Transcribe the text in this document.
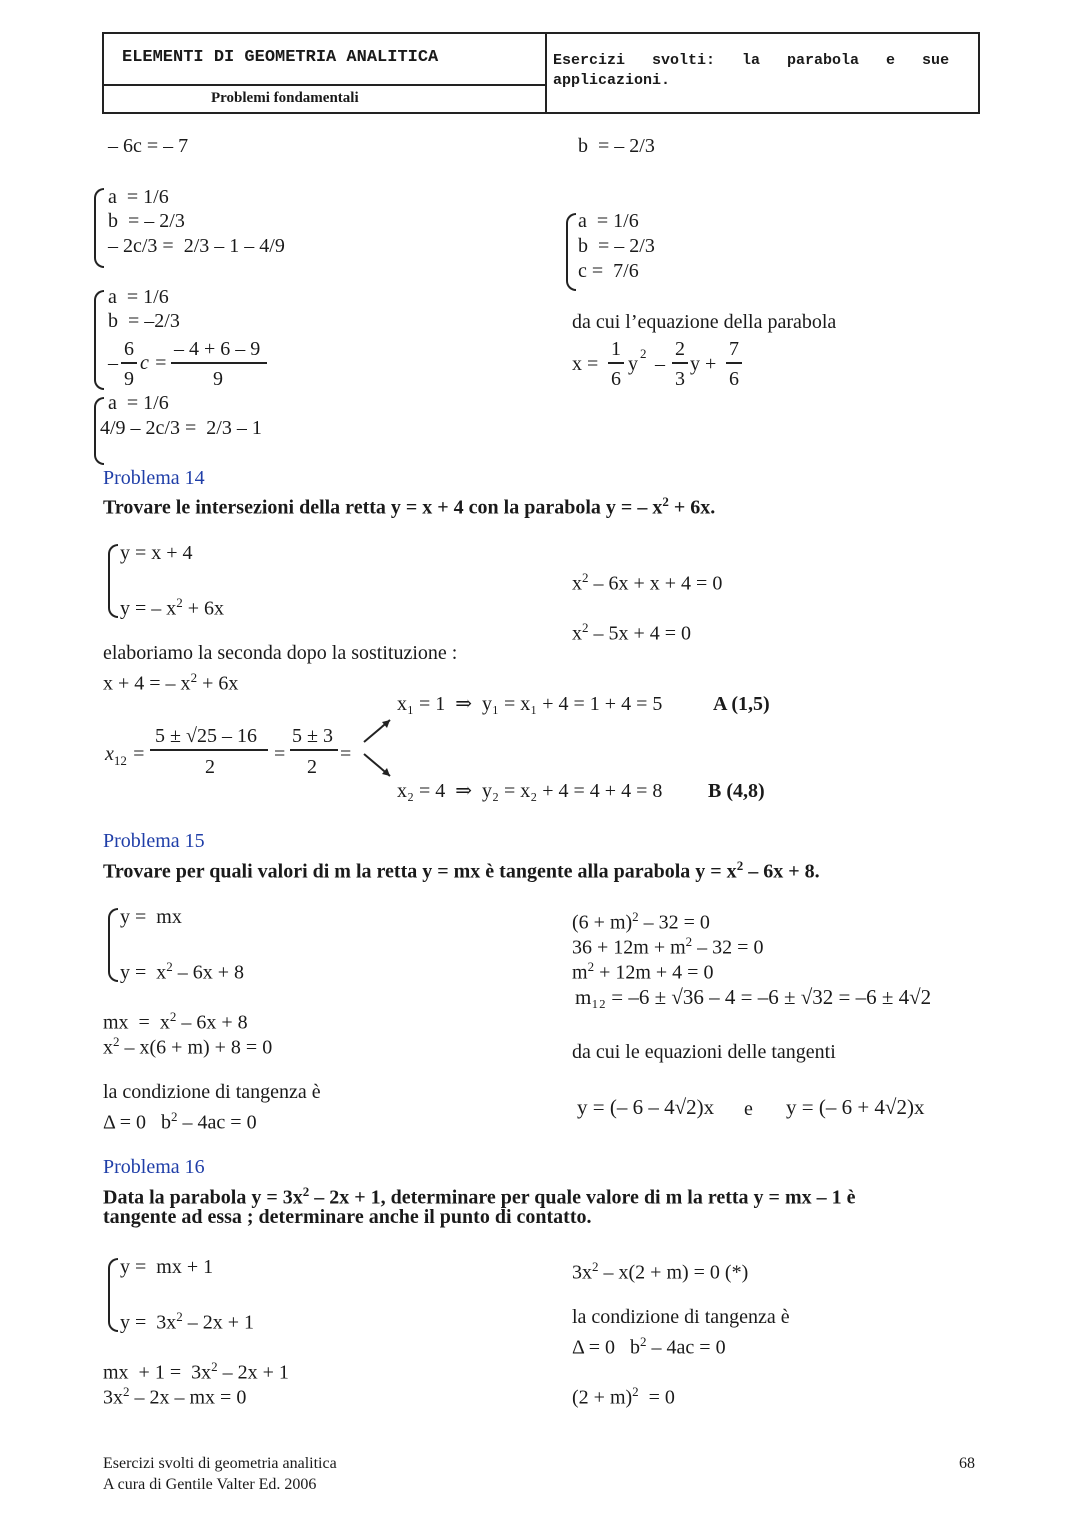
ELEMENTI DI GEOMETRIA ANALITICA
Problemi fondamentali
Esercizi   svolti:   la   parabola   e   sue
applicazioni.
– 6c = – 7	b  = – 2/3
a  = 1/6
b  = – 2/3
– 2c/3 =  2/3 – 1 – 4/9
a  = 1/6
b  = – 2/3
c =  7/6
a  = 1/6
b  = –2/3
–
6
9
c =
– 4 + 6 – 9
9
a  = 1/6
4/9 – 2c/3 =  2/3 – 1
da cui l’equazione della parabola
x =
1
6
y 2 –
2
3
y +
7
6
Problema 14
Trovare le intersezioni della retta y = x + 4 con la parabola y = – $x^2 + 6x$.
y = x + 4
y = – $x^2 + 6x$
$x^2 - 6x + x + 4 = 0$
$x^2 - 5x + 4 = 0$
elaboriamo la seconda dopo la sostituzione :
x + 4 = – $x^2 + 6x$
$x_{12}$ =
5 ± √25 – 16
2
=
5 ± 3
2
=
x₁ = 1  ⇒  y₁ = x₁ + 4 = 1 + 4 = 5	A (1,5)
x₂ = 4  ⇒  y₂ = x₂ + 4 = 4 + 4 = 8 B (4,8)
Problema 15
Trovare per quali valori di m la retta y = mx è tangente alla parabola $y = x^2 - 6x + 8$.
y =  mx
$y = x^2 - 6x + 8$
mx  =  $x^2 - 6x + 8$
$x^2 - x(6 + m) + 8 = 0$
la condizione di tangenza è
Δ = 0   $b^2 - 4ac = 0$
$(6 + m)^2 - 32 = 0$
$36 + 12m + m^2 - 32 = 0$
$m^2 + 12m + 4 = 0$
m₁₂ = –6 ± √36 – 4 = –6 ± √32 = –6 ± 4√2
da cui le equazioni delle tangenti
y = (– 6 – 4√2)x e y = (– 6 + 4√2)x
Problema 16
Data la parabola $y = 3x^2 - 2x + 1$, determinare per quale valore di m la retta y = mx – 1 è
tangente ad essa ; determinare anche il punto di contatto.
y =  mx + 1
$y = 3x^2 - 2x + 1$
mx  + $1 = 3x^2 - 2x + 1$
$3x^2 - 2x$ – mx = 0
$3x^2 - x(2 + m) = 0$ (*)
la condizione di tangenza è
Δ = 0   $b^2 - 4ac = 0$
$(2 + m)^2 = 0$
Esercizi svolti di geometria analitica
A cura di Gentile Valter Ed. 2006
68
